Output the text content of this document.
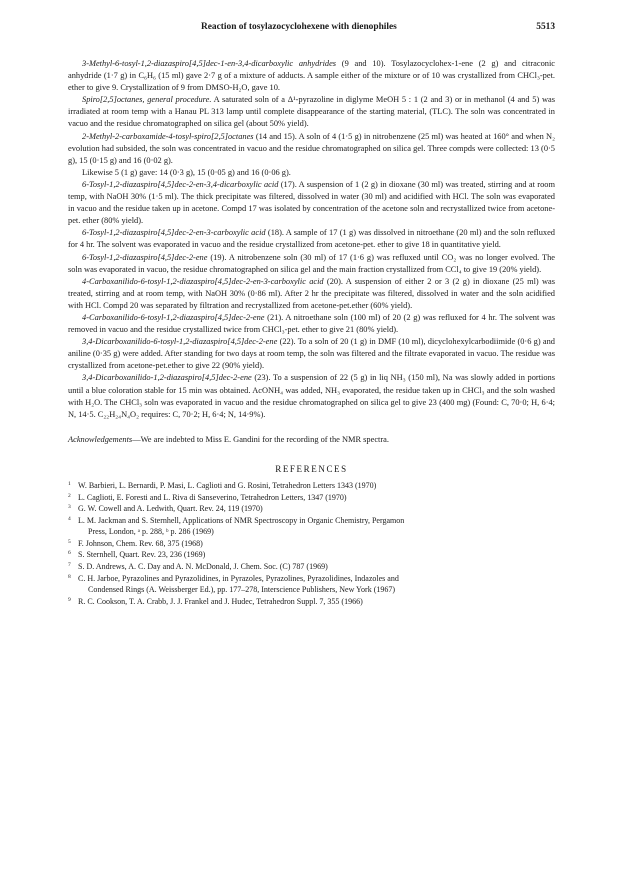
Reaction of tosylazocyclohexene with dienophiles	5513

3-Methyl-6-tosyl-1,2-diazaspiro[4,5]dec-1-en-3,4-dicarboxylic anhydrides (9 and 10). Tosylazocyclohex-1-ene (2 g) and citraconic anhydride (1·7 g) in C₆H₆ (15 ml) gave 2·7 g of a mixture of adducts. A sample either of the mixture or of 10 was crystallized from CHCl₃-pet. ether to give 9. Crystallization of 9 from DMSO-H₂O, gave 10.

Spiro[2,5]octanes, general procedure. A saturated soln of a Δ¹-pyrazoline in diglyme MeOH 5 : 1 (2 and 3) or in methanol (4 and 5) was irradiated at room temp with a Hanau PL 313 lamp until complete disappearance of the starting material, (TLC). The soln was concentrated in vacuo and the residue chromatographed on silica gel (about 50% yield).

2-Methyl-2-carboxamide-4-tosyl-spiro[2,5]octanes (14 and 15). A soln of 4 (1·5 g) in nitrobenzene (25 ml) was heated at 160° and when N₂ evolution had subsided, the soln was concentrated in vacuo and the residue chromatographed on silica gel. Three compds were collected: 13 (0·5 g), 15 (0·15 g) and 16 (0·02 g).

Likewise 5 (1 g) gave: 14 (0·3 g), 15 (0·05 g) and 16 (0·06 g).

6-Tosyl-1,2-diazaspiro[4,5]dec-2-en-3,4-dicarboxylic acid (17). A suspension of 1 (2 g) in dioxane (30 ml) was treated, stirring and at room temp, with NaOH 30% (1·5 ml). The thick precipitate was filtered, dissolved in water (30 ml) and acidified with HCl. The soln was evaporated in vacuo and the residue taken up in acetone. Compd 17 was isolated by concentration of the acetone soln and recrystallized twice from acetone-pet. ether (80% yield).

6-Tosyl-1,2-diazaspiro[4,5]dec-2-en-3-carboxylic acid (18). A sample of 17 (1 g) was dissolved in nitroethane (20 ml) and the soln refluxed for 4 hr. The solvent was evaporated in vacuo and the residue crystallized from acetone-pet. ether to give 18 in quantitative yield.

6-Tosyl-1,2-diazaspiro[4,5]dec-2-ene (19). A nitrobenzene soln (30 ml) of 17 (1·6 g) was refluxed until CO₂ was no longer evolved. The soln was evaporated in vacuo, the residue chromatographed on silica gel and the main fraction crystallized from CCl₄ to give 19 (20% yield).

4-Carboxanilido-6-tosyl-1,2-diazaspiro[4,5]dec-2-en-3-carboxylic acid (20). A suspension of either 2 or 3 (2 g) in dioxane (25 ml) was treated, stirring and at room temp, with NaOH 30% (0·86 ml). After 2 hr the precipitate was filtered, dissolved in water and the soln acidified with HCl. Compd 20 was separated by filtration and recrystallized from acetone-pet.ether (60% yield).

4-Carboxanilido-6-tosyl-1,2-diazaspiro[4,5]dec-2-ene (21). A nitroethane soln (100 ml) of 20 (2 g) was refluxed for 4 hr. The solvent was removed in vacuo and the residue crystallized twice from CHCl₃-pet. ether to give 21 (80% yield).

3,4-Dicarboxanilido-6-tosyl-1,2-diazaspiro[4,5]dec-2-ene (22). To a soln of 20 (1 g) in DMF (10 ml), dicyclohexylcarbodiimide (0·6 g) and aniline (0·35 g) were added. After standing for two days at room temp, the soln was filtered and the filtrate evaporated in vacuo. The residue was crystallized from acetone-pet.ether to give 22 (90% yield).

3,4-Dicarboxanilido-1,2-diazaspiro[4,5]dec-2-ene (23). To a suspension of 22 (5 g) in liq NH₃ (150 ml), Na was slowly added in portions until a blue coloration stable for 15 min was obtained. AcONH₄ was added, NH₃ evaporated, the residue taken up in CHCl₃ and the soln washed with H₂O. The CHCl₃ soln was evaporated in vacuo and the residue chromatographed on silica gel to give 23 (400 mg) (Found: C, 70·0; H, 6·4; N, 14·5. C₂₂H₂₄N₄O₂ requires: C, 70·2; H, 6·4; N, 14·9%).

Acknowledgements—We are indebted to Miss E. Gandini for the recording of the NMR spectra.

REFERENCES
1 W. Barbieri, L. Bernardi, P. Masi, L. Caglioti and G. Rosini, Tetrahedron Letters 1343 (1970)
2 L. Caglioti, E. Foresti and L. Riva di Sanseverino, Tetrahedron Letters, 1347 (1970)
3 G. W. Cowell and A. Ledwith, Quart. Rev. 24, 119 (1970)
4 L. M. Jackman and S. Sternhell, Applications of NMR Spectroscopy in Organic Chemistry, Pergamon
Press, London, ᵃ p. 288, ᵇ p. 286 (1969)
5 F. Johnson, Chem. Rev. 68, 375 (1968)
6 S. Sternhell, Quart. Rev. 23, 236 (1969)
7 S. D. Andrews, A. C. Day and A. N. McDonald, J. Chem. Soc. (C) 787 (1969)
8 C. H. Jarboe, Pyrazolines and Pyrazolidines, in Pyrazoles, Pyrazolines, Pyrazolidines, Indazoles and
Condensed Rings (A. Weissberger Ed.), pp. 177–278, Interscience Publishers, New York (1967)
9 R. C. Cookson, T. A. Crabb, J. J. Frankel and J. Hudec, Tetrahedron Suppl. 7, 355 (1966)
